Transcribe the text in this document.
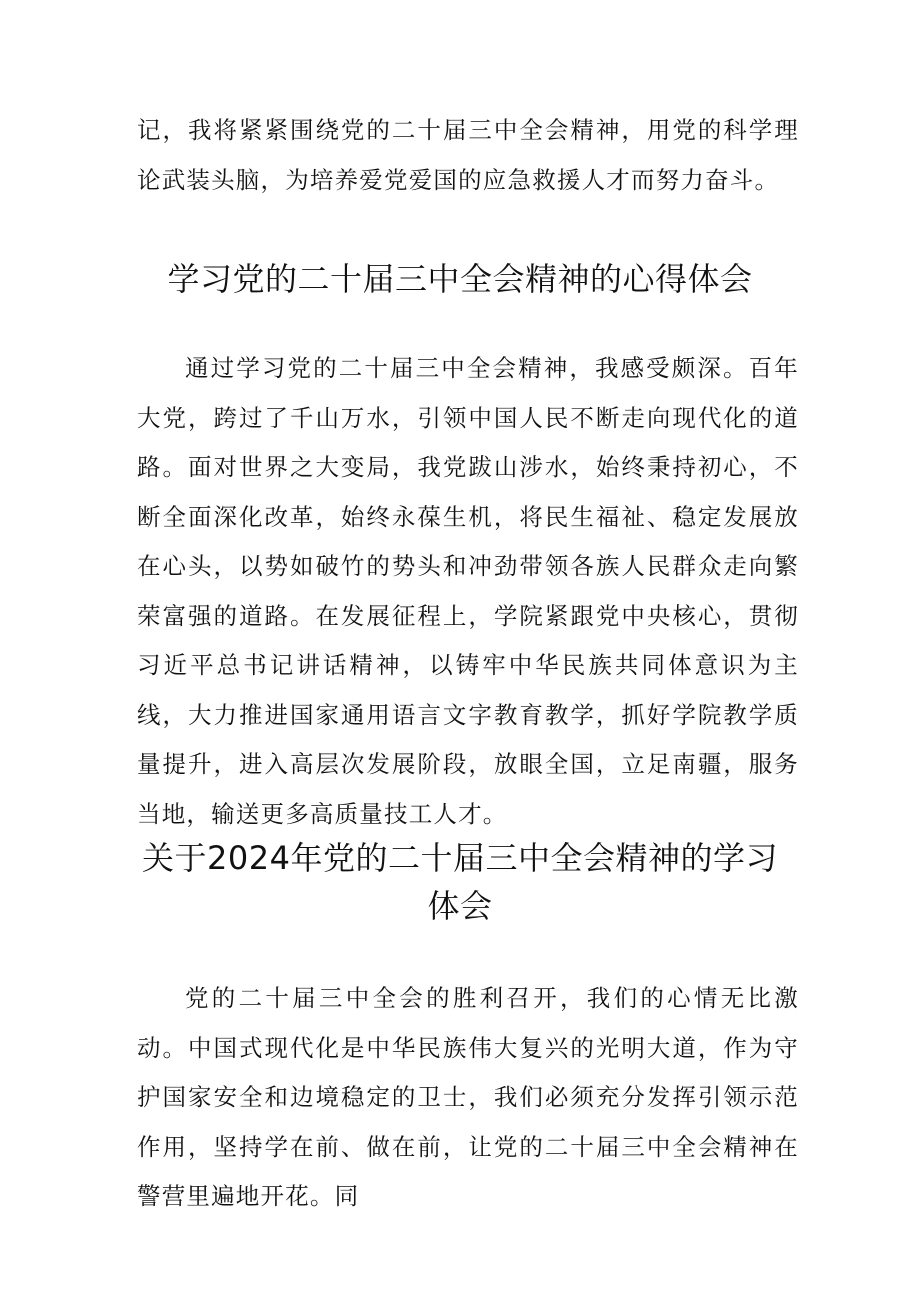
记，我将紧紧围绕党的二十届三中全会精神，用党的科学理论武装头脑，为培养爱党爱国的应急救援人才而努力奋斗。

学习党的二十届三中全会精神的心得体会

通过学习党的二十届三中全会精神，我感受颇深。百年大党，跨过了千山万水，引领中国人民不断走向现代化的道路。面对世界之大变局，我党跋山涉水，始终秉持初心，不断全面深化改革，始终永葆生机，将民生福祉、稳定发展放在心头，以势如破竹的势头和冲劲带领各族人民群众走向繁荣富强的道路。在发展征程上，学院紧跟党中央核心，贯彻习近平总书记讲话精神，以铸牢中华民族共同体意识为主线，大力推进国家通用语言文字教育教学，抓好学院教学质量提升，进入高层次发展阶段，放眼全国，立足南疆，服务当地，输送更多高质量技工人才。

关于2024年党的二十届三中全会精神的学习体会

党的二十届三中全会的胜利召开，我们的心情无比激动。中国式现代化是中华民族伟大复兴的光明大道，作为守护国家安全和边境稳定的卫士，我们必须充分发挥引领示范作用，坚持学在前、做在前，让党的二十届三中全会精神在警营里遍地开花。同
